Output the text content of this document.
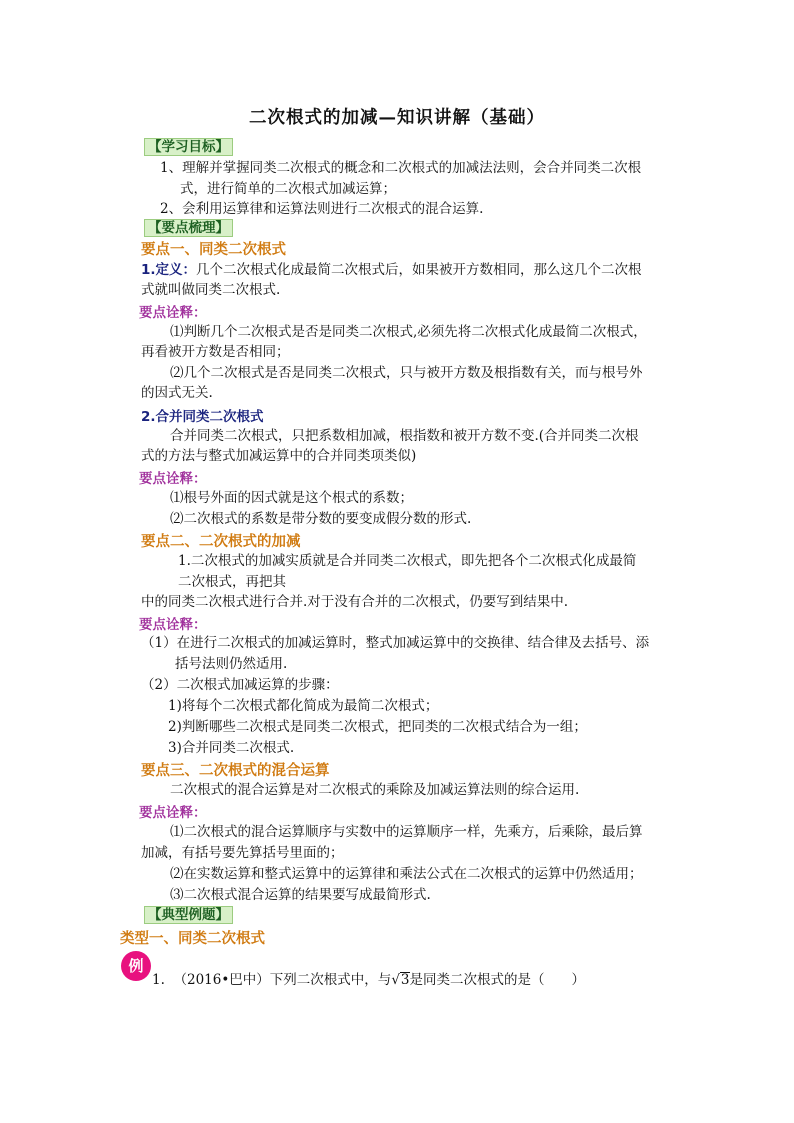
二次根式的加减—知识讲解（基础）
【学习目标】
1、理解并掌握同类二次根式的概念和二次根式的加减法法则，会合并同类二次根
式，进行简单的二次根式加减运算；
2、会利用运算律和运算法则进行二次根式的混合运算.
【要点梳理】
要点一、同类二次根式
1.定义：几个二次根式化成最简二次根式后，如果被开方数相同，那么这几个二次根
式就叫做同类二次根式.
要点诠释：
⑴判断几个二次根式是否是同类二次根式,必须先将二次根式化成最简二次根式，
再看被开方数是否相同；
⑵几个二次根式是否是同类二次根式，只与被开方数及根指数有关，而与根号外
的因式无关.
2.合并同类二次根式
合并同类二次根式，只把系数相加减，根指数和被开方数不变.(合并同类二次根
式的方法与整式加减运算中的合并同类项类似)
要点诠释：
⑴根号外面的因式就是这个根式的系数；
⑵二次根式的系数是带分数的要变成假分数的形式.
要点二、二次根式的加减
1.二次根式的加减实质就是合并同类二次根式，即先把各个二次根式化成最简
二次根式，再把其
中的同类二次根式进行合并.对于没有合并的二次根式，仍要写到结果中.
要点诠释：
（1）在进行二次根式的加减运算时，整式加减运算中的交换律、结合律及去括号、添
括号法则仍然适用.
（2）二次根式加减运算的步骤：
1)将每个二次根式都化简成为最简二次根式；
2)判断哪些二次根式是同类二次根式，把同类的二次根式结合为一组；
3)合并同类二次根式.
要点三、二次根式的混合运算
二次根式的混合运算是对二次根式的乘除及加减运算法则的综合运用.
要点诠释：
⑴二次根式的混合运算顺序与实数中的运算顺序一样，先乘方，后乘除，最后算
加减，有括号要先算括号里面的；
⑵在实数运算和整式运算中的运算律和乘法公式在二次根式的运算中仍然适用；
⑶二次根式混合运算的结果要写成最简形式.
【典型例题】
类型一、同类二次根式
例
1. （2016•巴中）下列二次根式中，与√3是同类二次根式的是（　　）
